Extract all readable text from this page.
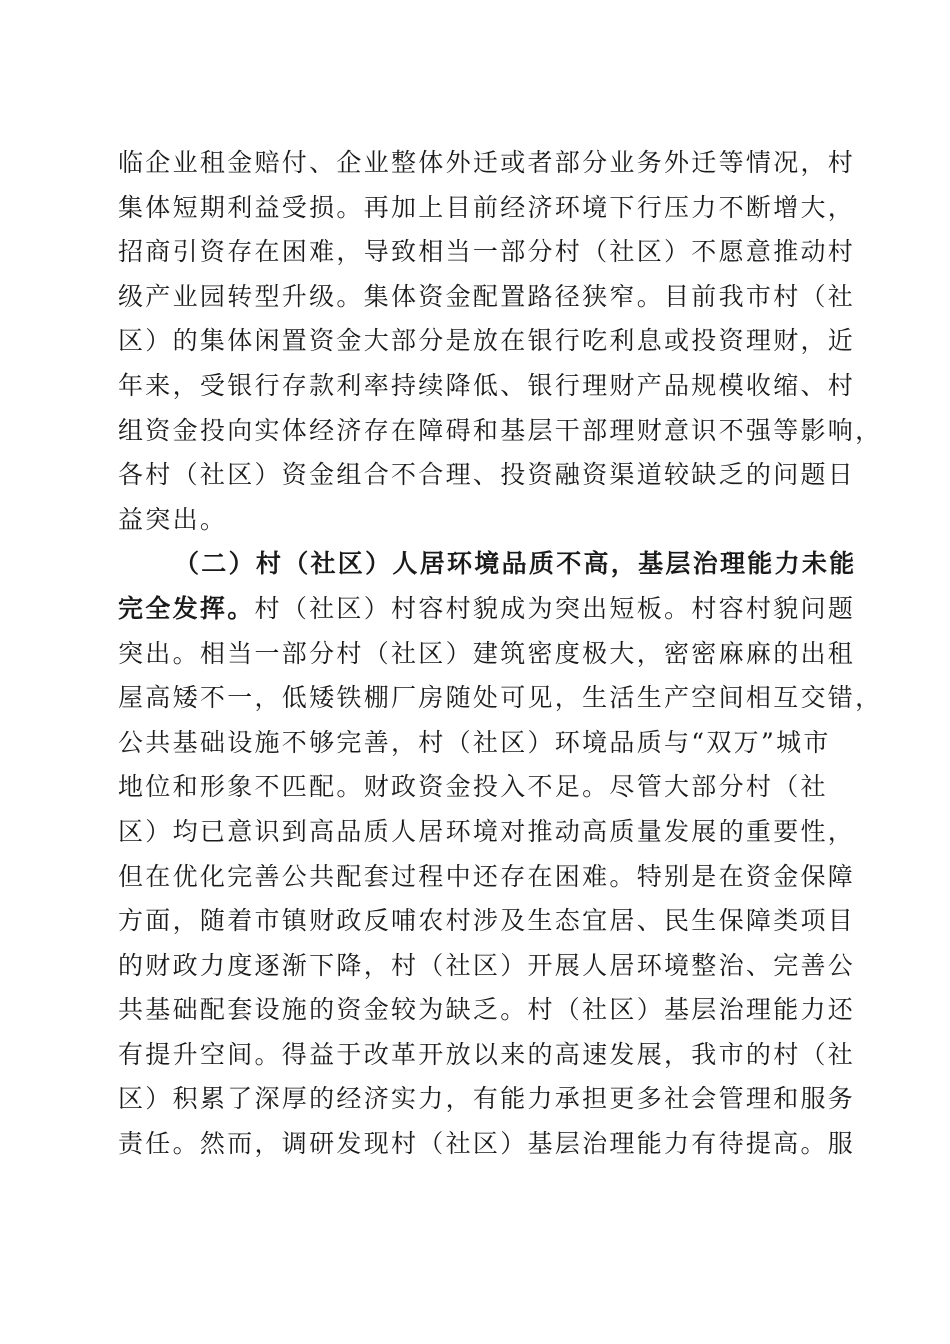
临企业租金赔付、企业整体外迁或者部分业务外迁等情况，村
集体短期利益受损。再加上目前经济环境下行压力不断增大，
招商引资存在困难，导致相当一部分村（社区）不愿意推动村
级产业园转型升级。集体资金配置路径狭窄。目前我市村（社
区）的集体闲置资金大部分是放在银行吃利息或投资理财，近
年来，受银行存款利率持续降低、银行理财产品规模收缩、村
组资金投向实体经济存在障碍和基层干部理财意识不强等影响，
各村（社区）资金组合不合理、投资融资渠道较缺乏的问题日
益突出。
（二）村（社区）人居环境品质不高，基层治理能力未能
完全发挥。村（社区）村容村貌成为突出短板。村容村貌问题
突出。相当一部分村（社区）建筑密度极大，密密麻麻的出租
屋高矮不一，低矮铁棚厂房随处可见，生活生产空间相互交错，
公共基础设施不够完善，村（社区）环境品质与“双万”城市
地位和形象不匹配。财政资金投入不足。尽管大部分村（社
区）均已意识到高品质人居环境对推动高质量发展的重要性，
但在优化完善公共配套过程中还存在困难。特别是在资金保障
方面，随着市镇财政反哺农村涉及生态宜居、民生保障类项目
的财政力度逐渐下降，村（社区）开展人居环境整治、完善公
共基础配套设施的资金较为缺乏。村（社区）基层治理能力还
有提升空间。得益于改革开放以来的高速发展，我市的村（社
区）积累了深厚的经济实力，有能力承担更多社会管理和服务
责任。然而，调研发现村（社区）基层治理能力有待提高。服
